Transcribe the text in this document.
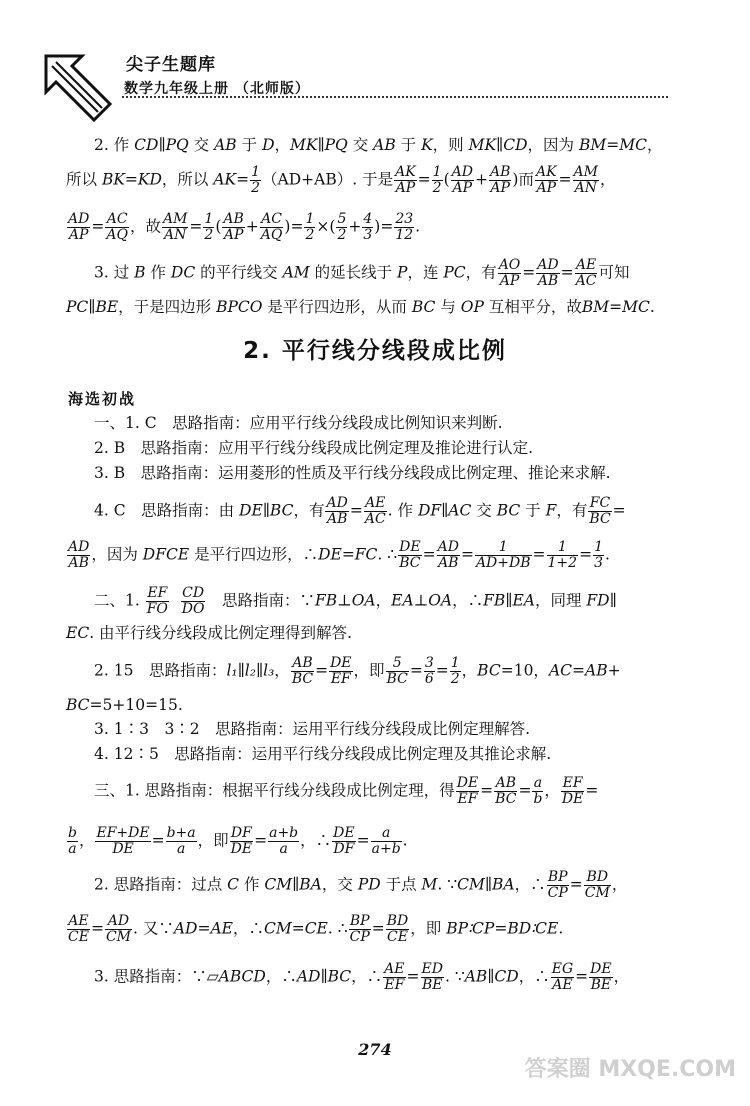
尖子生题库
数学九年级上册 （北师版）
2. 作 CD∥PQ 交 AB 于 D，MK∥PQ 交 AB 于 K，则 MK∥CD，因为 BM=MC，
所以 BK=KD，所以 $AK= \frac{1}{2} (AD+AB)$. 于是 $\frac{AK}{AP} = \frac{1}{2}$ ( $\frac{AD}{AP} + \frac{AB}{AP}$ )而 $\frac{AK}{AP} = \frac{AM}{AN}$ ，
$\frac{AD}{AP} = \frac{AC}{AQ}$ ，故 $\frac{AM}{AN} = \frac{1}{2}$ ( $\frac{AB}{AP} + \frac{AC}{AQ}$ )= $\frac{1}{2}$ ×( $\frac{5}{2} + \frac{4}{3}$ )= $\frac{23}{12}$ .
3. 过 B 作 DC 的平行线交 AM 的延长线于 P，连 PC，有 $\frac{AO}{AP} = \frac{AD}{AB} = \frac{AE}{AC}$ 可知
PC∥BE，于是四边形 BPCO 是平行四边形，从而 BC 与 OP 互相平分，故BM=MC.
2. 平行线分线段成比例
海选初战
一、1. C　思路指南：应用平行线分线段成比例知识来判断.
2. B　思路指南：应用平行线分线段成比例定理及推论进行认定.
3. B　思路指南：运用菱形的性质及平行线分线段成比例定理、推论来求解.
4. C　思路指南：由 DE∥BC，有 $\frac{AD}{AB} = \frac{AE}{AC}$ . 作 DF∥AC 交 BC 于 F，有 $\frac{FC}{BC}$ =
$\frac{AD}{AB}$ ，因为 DFCE 是平行四边形，∴DE=FC. ∴ $\frac{DE}{BC} = \frac{AD}{AB} = \frac{1}{AD+DB} = \frac{1}{1+2} = \frac{1}{3}$ .
二、1. $\frac{EF}{FO}$
$\frac{CD}{DO}$ 　思路指南：∵FB⊥OA，EA⊥OA，∴FB∥EA，同理 FD∥
EC. 由平行线分线段成比例定理得到解答.
2. 15　思路指南：l₁∥l₂∥l₃， $\frac{AB}{BC} = \frac{DE}{EF}$ ，即 $\frac{5}{BC} = \frac{3}{6} = \frac{1}{2}$ ，BC=10，AC=AB+
BC=5+10=15.
3. 1∶3　3∶2　思路指南：运用平行线分线段成比例定理解答.
4. 12∶5　思路指南：运用平行线分线段成比例定理及其推论求解.
三、1. 思路指南：根据平行线分线段成比例定理，得 $\frac{DE}{EF} = \frac{AB}{BC} = \frac{a}{b}$ ， $\frac{EF}{DE}$ =
$\frac{b}{a}$ ， $\frac{EF+DE}{DE} = \frac{b+a}{a}$ ，即 $\frac{DF}{DE} = \frac{a+b}{a}$ ，∴ $\frac{DE}{DF} = \frac{a}{a+b}$ .
2. 思路指南：过点 C 作 CM∥BA，交 PD 于点 M. ∵CM∥BA，∴ $\frac{BP}{CP} = \frac{BD}{CM}$ ，
$\frac{AE}{CE} = \frac{AD}{CM}$ . 又∵AD=AE，∴CM=CE. ∴ $\frac{BP}{CP} = \frac{BD}{CE}$ ，即 BP∶CP=BD∶CE.
3. 思路指南：∵▱ABCD，∴AD∥BC，∴ $\frac{AE}{EF} = \frac{ED}{BE}$ . ∵AB∥CD，∴ $\frac{EG}{AE} = \frac{DE}{BE}$ ，
274
答案圈 MXQE.COM
